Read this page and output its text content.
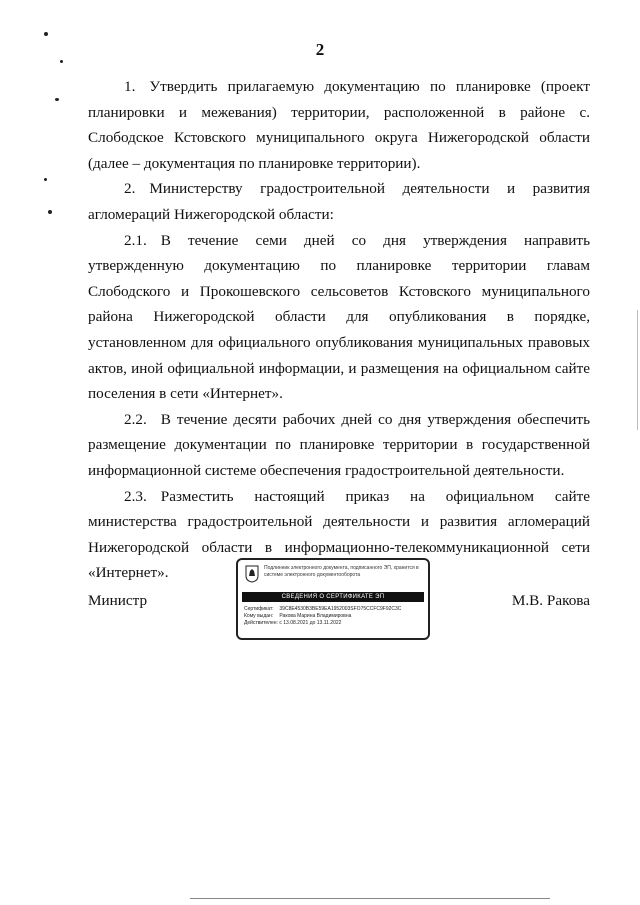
2

1. Утвердить прилагаемую документацию по планировке (проект планировки и межевания) территории, расположенной в районе с. Слободское Кстовского муниципального округа Нижегородской области (далее – документация по планировке территории).

2. Министерству градостроительной деятельности и развития агломераций Нижегородской области:

2.1. В течение семи дней со дня утверждения направить утвержденную документацию по планировке территории главам Слободского и Прокошевского сельсоветов Кстовского муниципального района Нижегородской области для опубликования в порядке, установленном для официального опубликования муниципальных правовых актов, иной официальной информации, и размещения на официальном сайте поселения в сети «Интернет».

2.2. В течение десяти рабочих дней со дня утверждения обеспечить размещение документации по планировке территории в государственной информационной системе обеспечения градостроительной деятельности.

2.3. Разместить настоящий приказ на официальном сайте министерства градостроительной деятельности и развития агломераций Нижегородской области в информационно-телекоммуникационной сети «Интернет».

Министр	М.В. Ракова
Подлинник электронного документа, подписанного ЭП, хранится в системе электронного документооборота
СВЕДЕНИЯ О СЕРТИФИКАТЕ ЭП
Сертификат: 39C8E4530B3BE59EA1952003SFO75CCFC9F92C3C
Кому выдан: Ракова Марина Владимировна
Действителен: с 13.08.2021 до 13.11.2022
